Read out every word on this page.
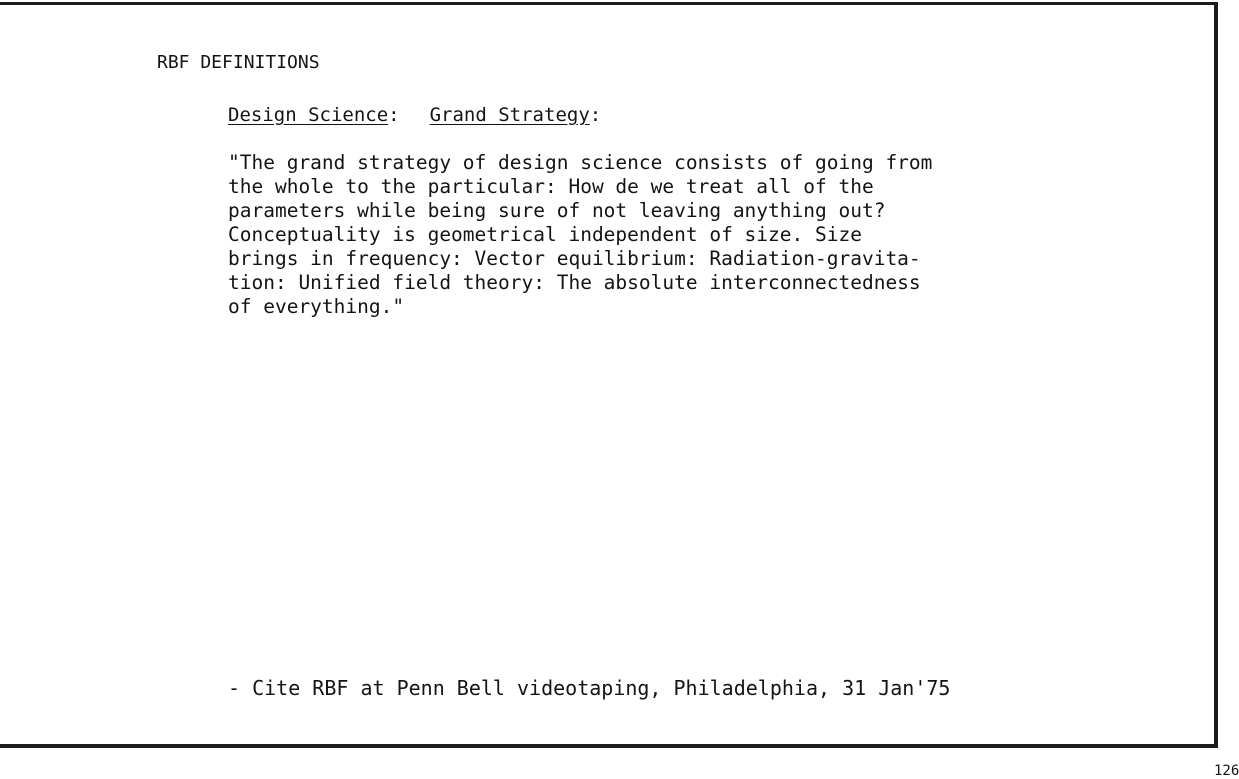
RBF DEFINITIONS
Design Science: Grand Strategy:
"The grand strategy of design science consists of going from
the whole to the particular: How de we treat all of the
parameters while being sure of not leaving anything out?
Conceptuality is geometrical independent of size. Size
brings in frequency: Vector equilibrium: Radiation-gravita-
tion: Unified field theory: The absolute interconnectedness
of everything."
- Cite RBF at Penn Bell videotaping, Philadelphia, 31 Jan'75
126
